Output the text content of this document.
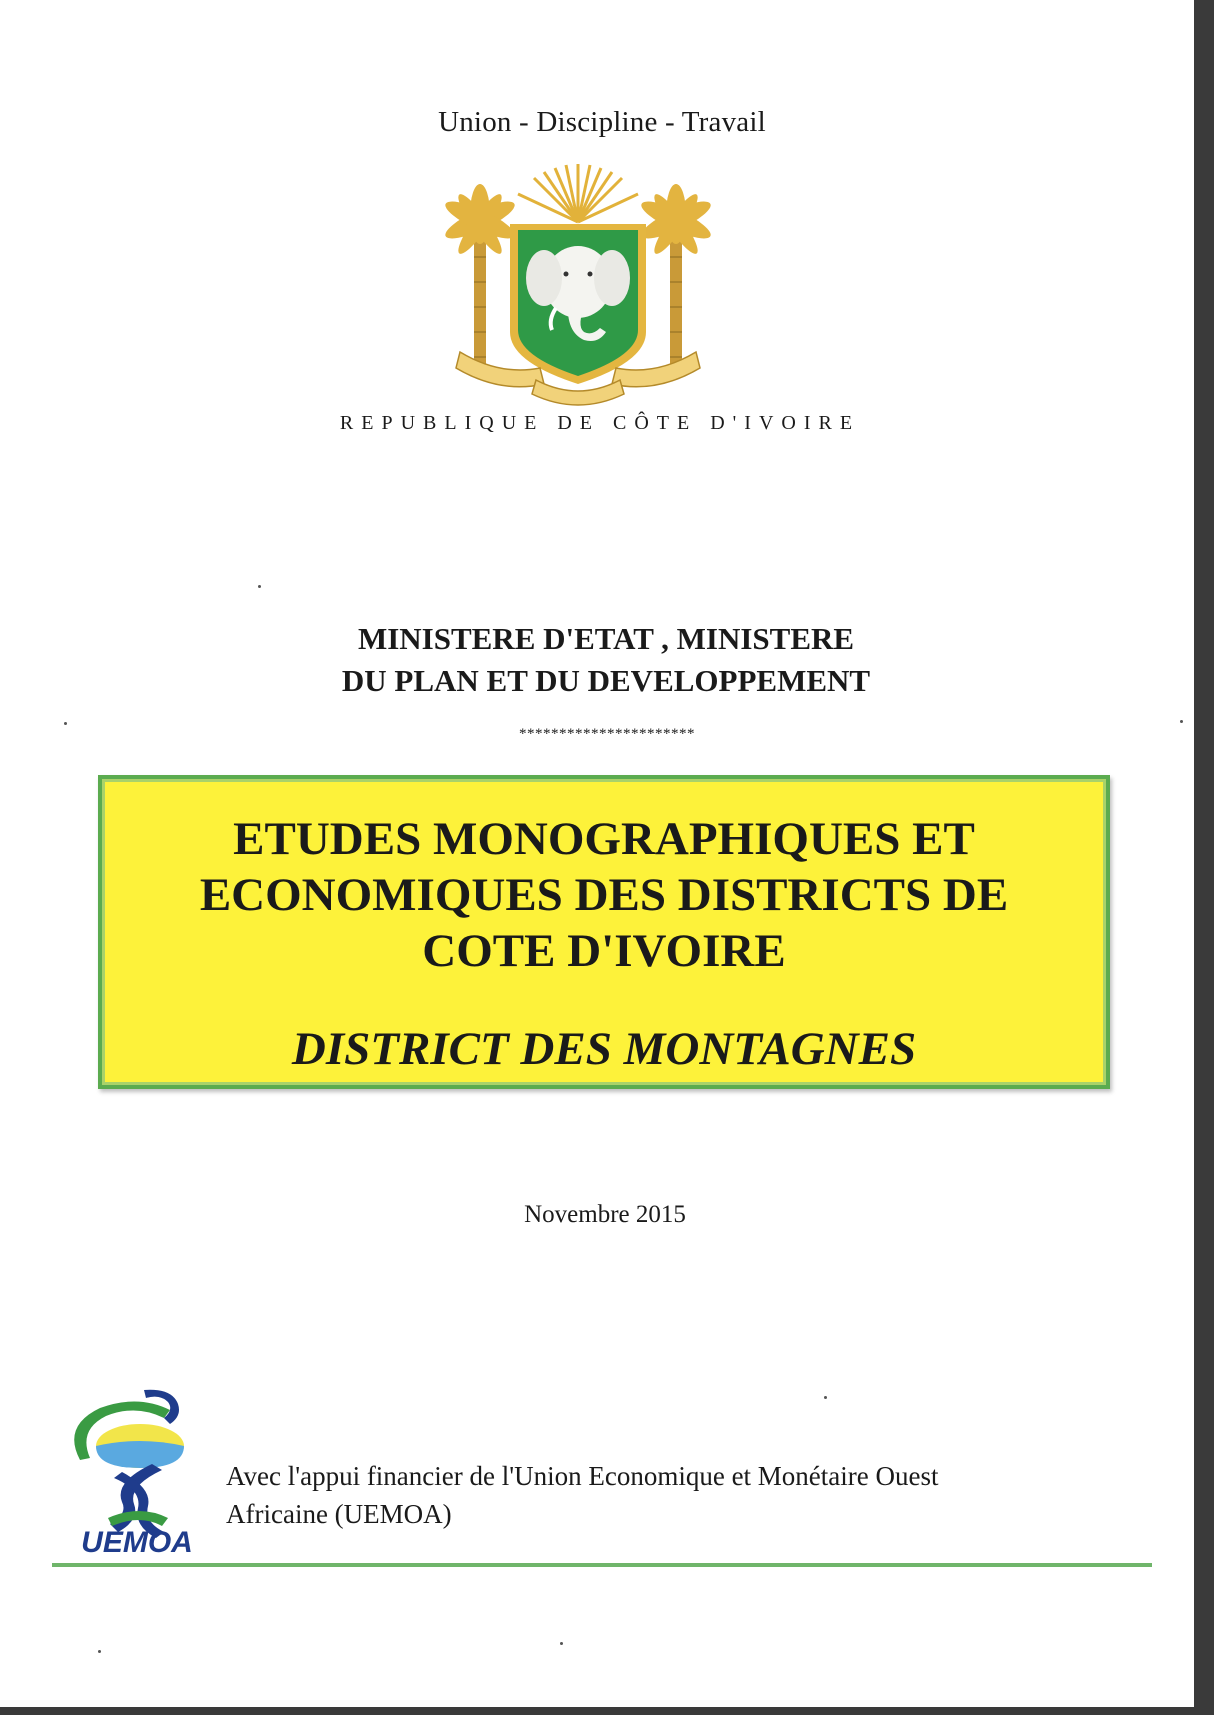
Union - Discipline - Travail
REPUBLIQUE DE CÔTE D'IVOIRE
MINISTERE D'ETAT , MINISTERE
DU PLAN ET DU DEVELOPPEMENT
**********************
ETUDES MONOGRAPHIQUES ET
ECONOMIQUES DES DISTRICTS DE
COTE D'IVOIRE
DISTRICT DES MONTAGNES
Novembre 2015
UEMOA
Avec l'appui financier de l'Union Economique et Monétaire Ouest
Africaine (UEMOA)
